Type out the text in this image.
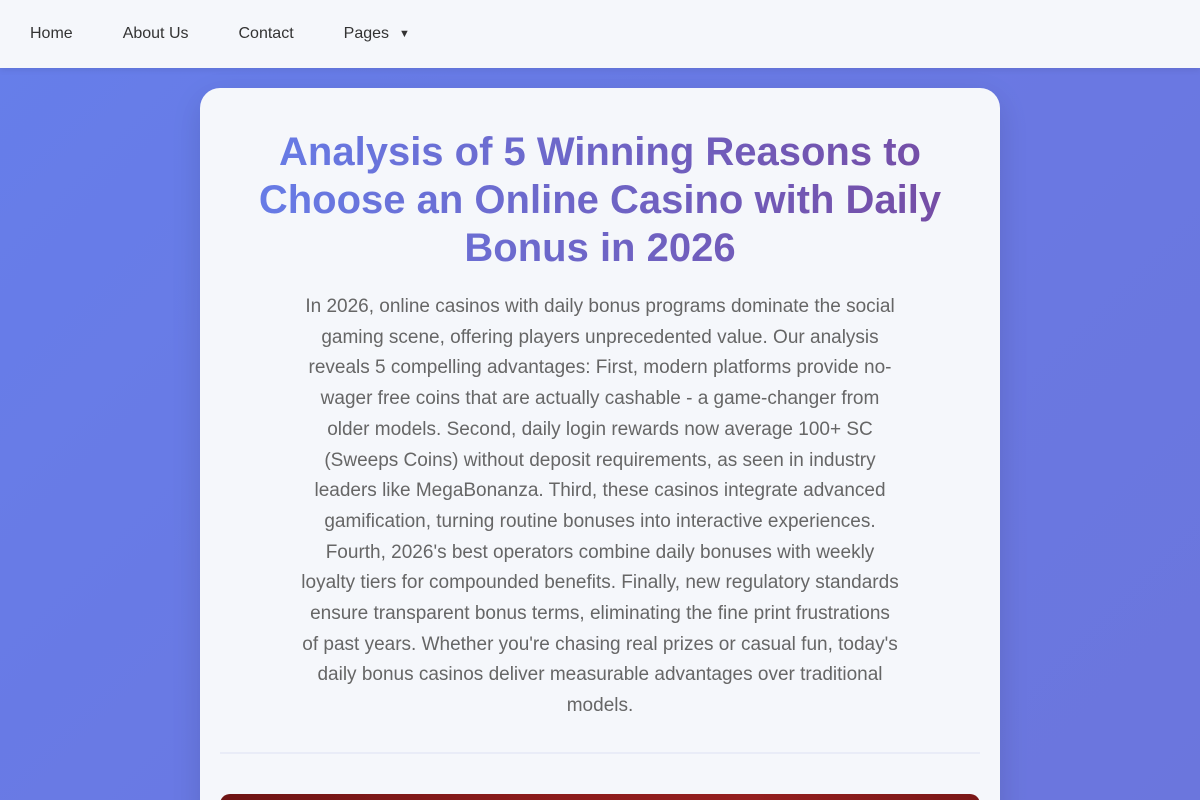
Home	About Us	Contact	Pages ▼
Analysis of 5 Winning Reasons to Choose an Online Casino with Daily Bonus in 2026

In 2026, online casinos with daily bonus programs dominate the social gaming scene, offering players unprecedented value. Our analysis reveals 5 compelling advantages: First, modern platforms provide no-wager free coins that are actually cashable - a game-changer from older models. Second, daily login rewards now average 100+ SC (Sweeps Coins) without deposit requirements, as seen in industry leaders like MegaBonanza. Third, these casinos integrate advanced gamification, turning routine bonuses into interactive experiences. Fourth, 2026's best operators combine daily bonuses with weekly loyalty tiers for compounded benefits. Finally, new regulatory standards ensure transparent bonus terms, eliminating the fine print frustrations of past years. Whether you're chasing real prizes or casual fun, today's daily bonus casinos deliver measurable advantages over traditional models.
